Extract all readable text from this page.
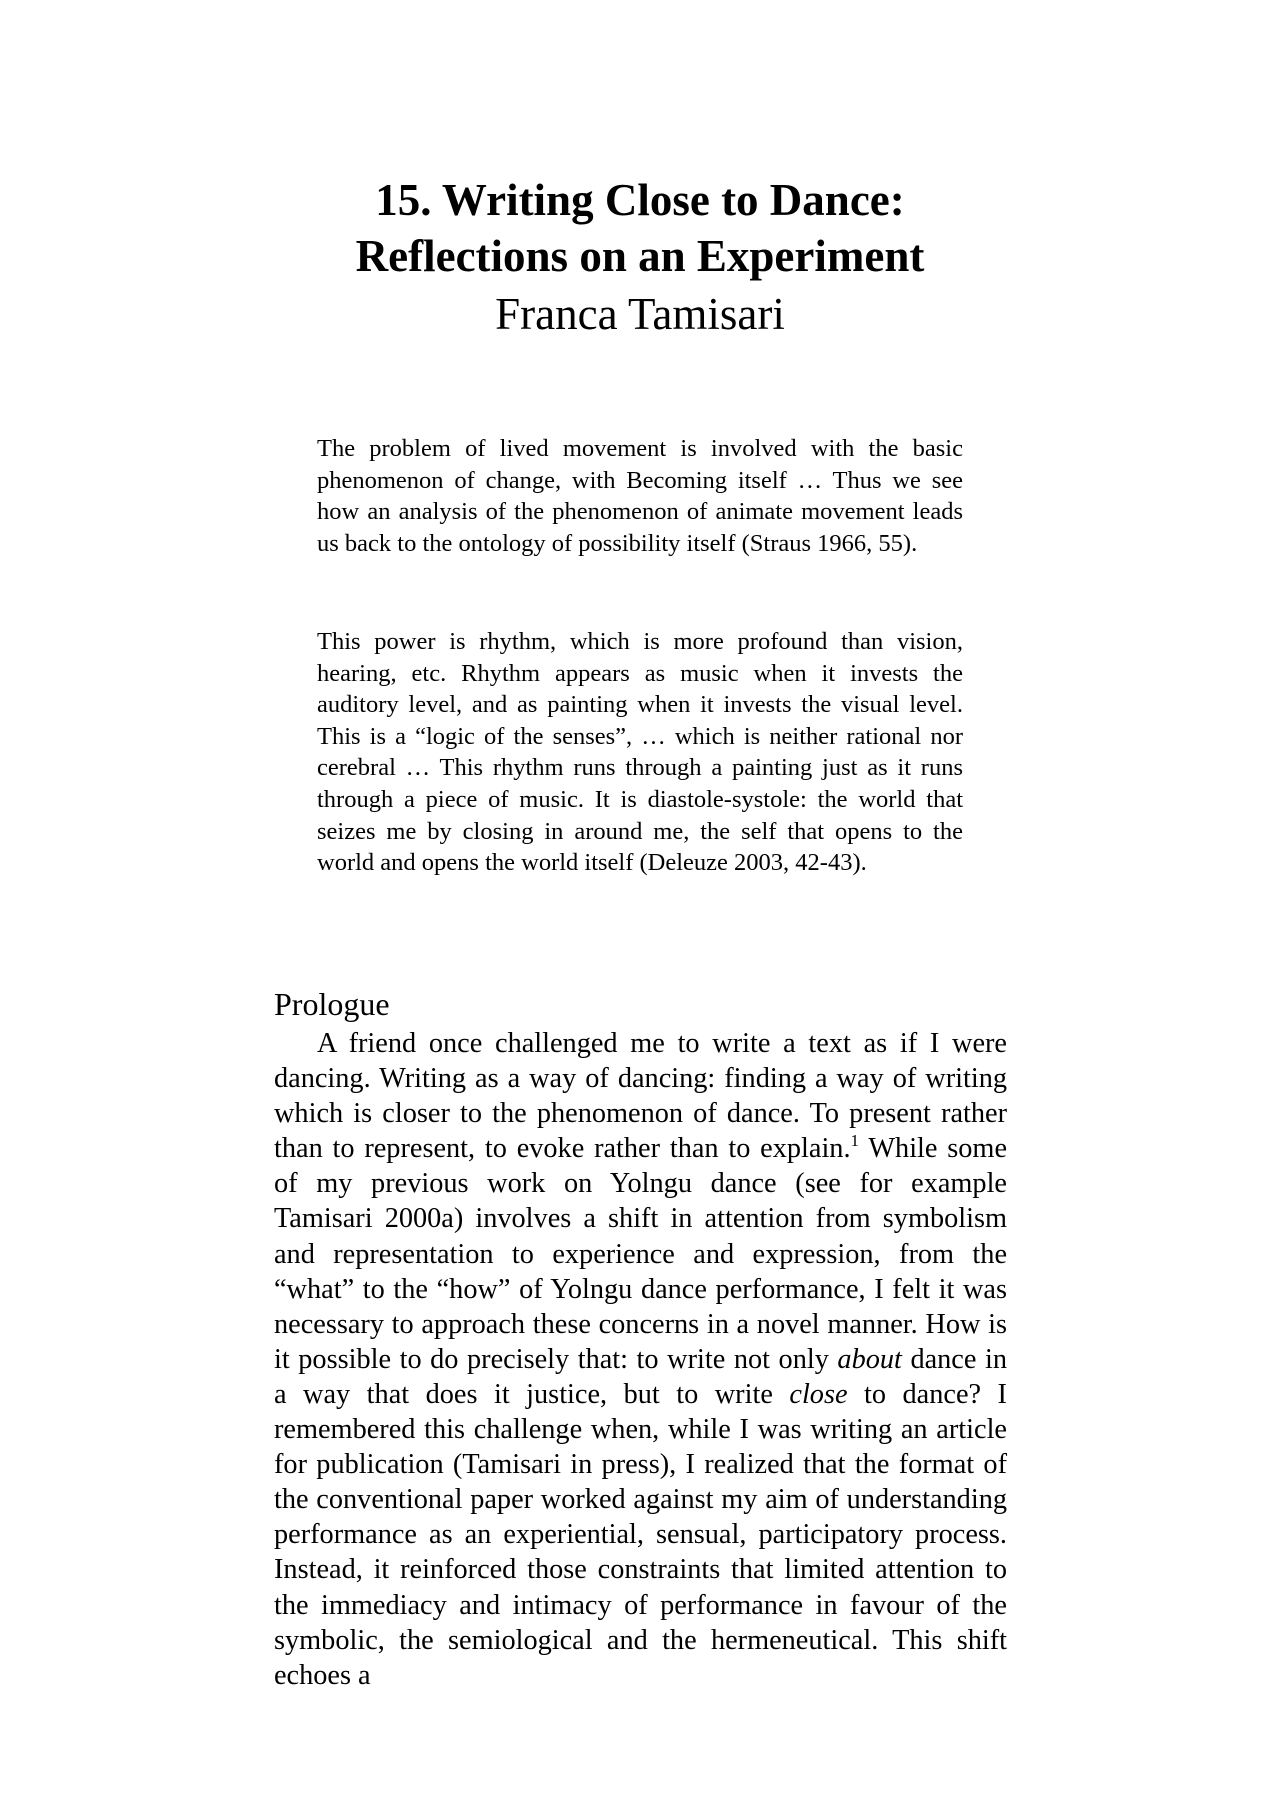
15. Writing Close to Dance:
Reflections on an Experiment

Franca Tamisari

The problem of lived movement is involved with the basic phenomenon of change, with Becoming itself … Thus we see how an analysis of the phenomenon of animate movement leads us back to the ontology of possibility itself (Straus 1966, 55).

This power is rhythm, which is more profound than vision, hearing, etc. Rhythm appears as music when it invests the auditory level, and as painting when it invests the visual level. This is a “logic of the senses”, … which is neither rational nor cerebral … This rhythm runs through a painting just as it runs through a piece of music. It is diastole-systole: the world that seizes me by closing in around me, the self that opens to the world and opens the world itself (Deleuze 2003, 42-43).

Prologue

A friend once challenged me to write a text as if I were dancing. Writing as a way of dancing: finding a way of writing which is closer to the phenomenon of dance. To present rather than to represent, to evoke rather than to explain.$^1$ While some of my previous work on Yolngu dance (see for example Tamisari 2000a) involves a shift in attention from symbolism and representation to experience and expression, from the “what” to the “how” of Yolngu dance performance, I felt it was necessary to approach these concerns in a novel manner. How is it possible to do precisely that: to write not only about dance in a way that does it justice, but to write close to dance? I remembered this challenge when, while I was writing an article for publication (Tamisari in press), I realized that the format of the conventional paper worked against my aim of understanding performance as an experiential, sensual, participatory process. Instead, it reinforced those constraints that limited attention to the immediacy and intimacy of performance in favour of the symbolic, the semiological and the hermeneutical. This shift echoes a
